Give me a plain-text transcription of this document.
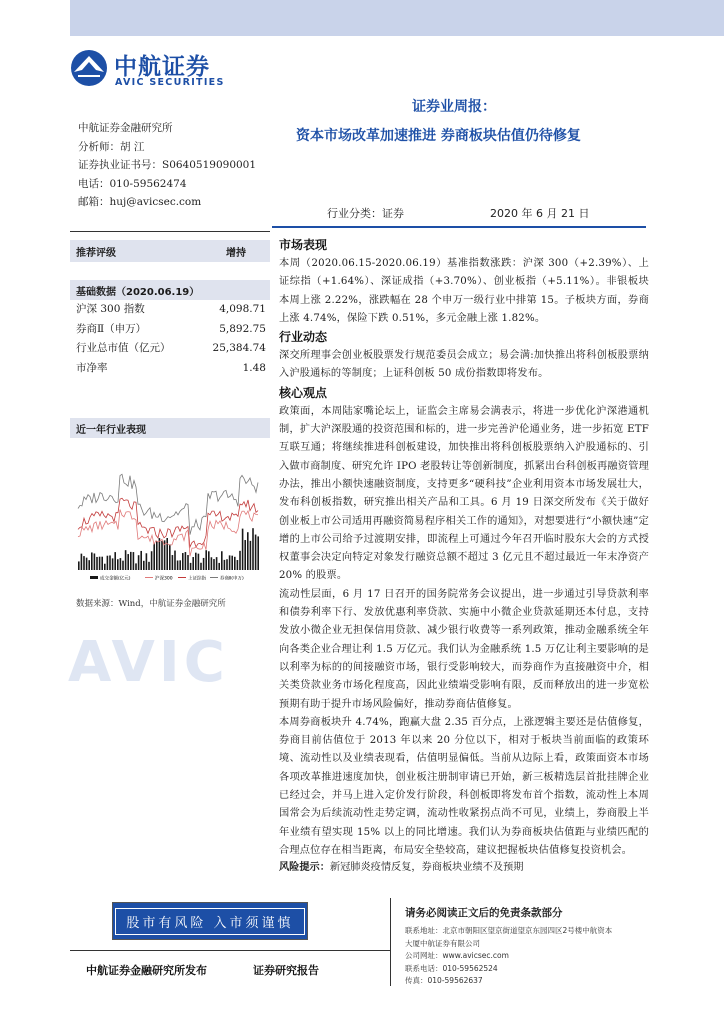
中航证券
AVIC SECURITIES
证券业周报：
资本市场改革加速推进 券商板块估值仍待修复
中航证券金融研究所
分析师：胡 江
证券执业证书号：S0640519090001
电话：010-59562474
邮箱：huj@avicsec.com
行业分类：证券	2020 年 6 月 21 日
推荐评级	增持
基础数据（2020.06.19）
沪深 300 指数	4,098.71
券商Ⅱ（申万）	5,892.75
行业总市值（亿元）	25,384.74
市净率	1.48
近一年行业表现
成交金额(亿元)	沪深300	上证综指	券商Ⅱ(申万)
数据来源：Wind，中航证券金融研究所
AVIC
市场表现
本周（2020.06.15-2020.06.19）基准指数涨跌：沪深 300（+2.39%）、上证综指（+1.64%）、深证成指（+3.70%）、创业板指（+5.11%）。非银板块本周上涨 2.22%，涨跌幅在 28 个申万一级行业中排第 15。子板块方面，券商上涨 4.74%，保险下跌 0.51%，多元金融上涨 1.82%。
行业动态
深交所理事会创业板股票发行规范委员会成立；易会满:加快推出将科创板股票纳入沪股通标的等制度；上证科创板 50 成份指数即将发布。
核心观点
政策面，本周陆家嘴论坛上，证监会主席易会满表示，将进一步优化沪深港通机制，扩大沪深股通的投资范围和标的，进一步完善沪伦通业务，进一步拓宽 ETF 互联互通；将继续推进科创板建设，加快推出将科创板股票纳入沪股通标的、引入做市商制度、研究允许 IPO 老股转让等创新制度，抓紧出台科创板再融资管理办法，推出小额快速融资制度，支持更多“硬科技”企业利用资本市场发展壮大，发布科创板指数，研究推出相关产品和工具。6 月 19 日深交所发布《关于做好创业板上市公司适用再融资简易程序相关工作的通知》，对想要进行“小额快速”定增的上市公司给予过渡期安排，即流程上可通过今年召开临时股东大会的方式授权董事会决定向特定对象发行融资总额不超过 3 亿元且不超过最近一年末净资产 20% 的股票。
流动性层面，6 月 17 日召开的国务院常务会议提出，进一步通过引导贷款利率和债券利率下行、发放优惠利率贷款、实施中小微企业贷款延期还本付息，支持发放小微企业无担保信用贷款、减少银行收费等一系列政策，推动金融系统全年向各类企业合理让利 1.5 万亿元。我们认为金融系统 1.5 万亿让利主要影响的是以利率为标的的间接融资市场，银行受影响较大，而券商作为直接融资中介，相关类贷款业务市场化程度高，因此业绩端受影响有限，反而释放出的进一步宽松预期有助于提升市场风险偏好，推动券商估值修复。
本周券商板块升 4.74%，跑赢大盘 2.35 百分点，上涨逻辑主要还是估值修复，券商目前估值位于 2013 年以来 20 分位以下，相对于板块当前面临的政策环境、流动性以及业绩表现看，估值明显偏低。当前从边际上看，政策面资本市场各项改革推进速度加快，创业板注册制审请已开始，新三板精选层首批挂牌企业已经过会，并马上进入定价发行阶段，科创板即将发布首个指数，流动性上本周国常会为后续流动性走势定调，流动性收紧拐点尚不可见，业绩上，券商股上半年业绩有望实现 15% 以上的同比增速。我们认为券商板块估值距与业绩匹配的合理点位存在相当距离，布局安全垫较高，建议把握板块估值修复投资机会。
风险提示：新冠肺炎疫情反复，券商板块业绩不及预期
股市有风险 入市须谨慎
请务必阅读正文后的免责条款部分
联系地址：北京市朝阳区望京街道望京东园四区2号楼中航资本
大厦中航证券有限公司
公司网址：www.avicsec.com
联系电话：010-59562524
传真：010-59562637
中航证券金融研究所发布	证券研究报告
